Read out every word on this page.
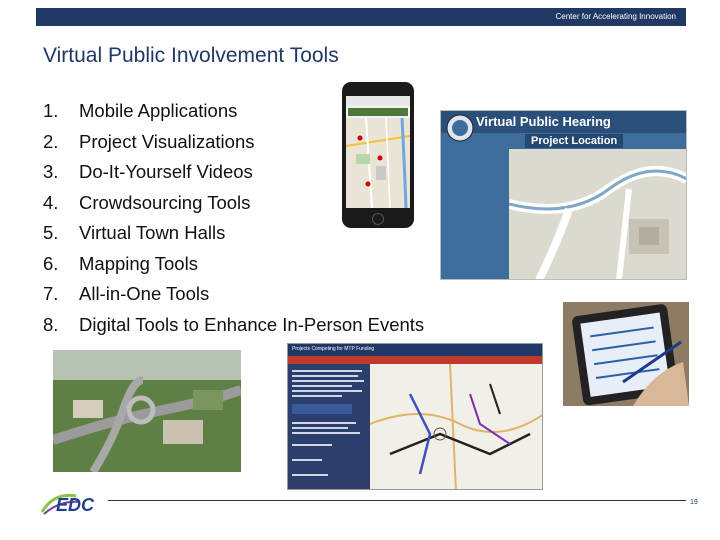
Center for Accelerating Innovation
Virtual Public Involvement Tools
1.	Mobile Applications
2.	Project Visualizations
3.	Do-It-Yourself Videos
4.	Crowdsourcing Tools
5.	Virtual Town Halls
6.	Mapping Tools
7.	All-in-One Tools
8.	Digital Tools to Enhance In-Person Events
Virtual Public Hearing
Project Location
Projects Competing for MTP Funding
EDC	19
